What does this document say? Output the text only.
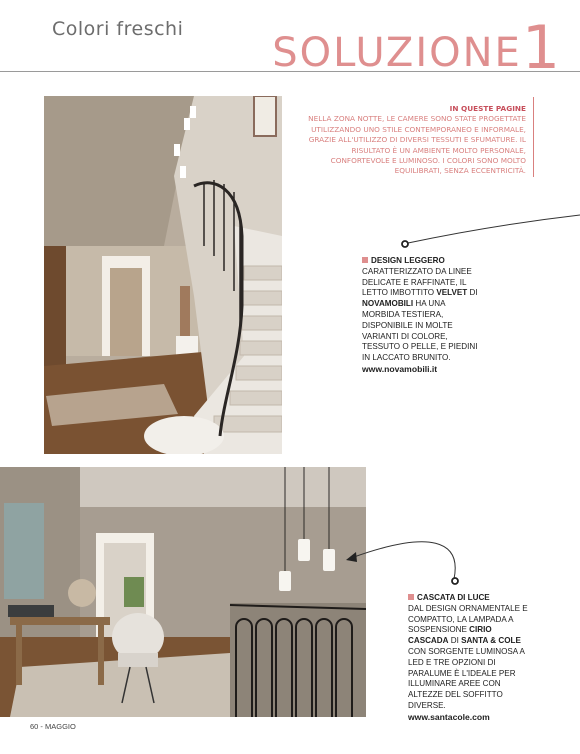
Colori freschi
SOLUZIONE1
IN QUESTE PAGINE
NELLA ZONA NOTTE, LE CAMERE SONO STATE PROGETTATE UTILIZZANDO UNO STILE CONTEMPORANEO E INFORMALE, GRAZIE ALL'UTILIZZO DI DIVERSI TESSUTI E SFUMATURE. IL RISULTATO È UN AMBIENTE MOLTO PERSONALE, CONFORTEVOLE E LUMINOSO. I COLORI SONO MOLTO EQUILIBRATI, SENZA ECCENTRICITÀ.
DESIGN LEGGERO
CARATTERIZZATO DA LINEE DELICATE E RAFFINATE, IL LETTO IMBOTTITO VELVET DI NOVAMOBILI HA UNA MORBIDA TESTIERA, DISPONIBILE IN MOLTE VARIANTI DI COLORE, TESSUTO O PELLE, E PIEDINI IN LACCATO BRUNITO.
www.novamobili.it
CASCATA DI LUCE
DAL DESIGN ORNAMENTALE E COMPATTO, LA LAMPADA A SOSPENSIONE CIRIO CASCADA DI SANTA & COLE CON SORGENTE LUMINOSA A LED E TRE OPZIONI DI PARALUME È L'IDEALE PER ILLUMINARE AREE CON ALTEZZE DEL SOFFITTO DIVERSE.
www.santacole.com
60 - MAGGIO
